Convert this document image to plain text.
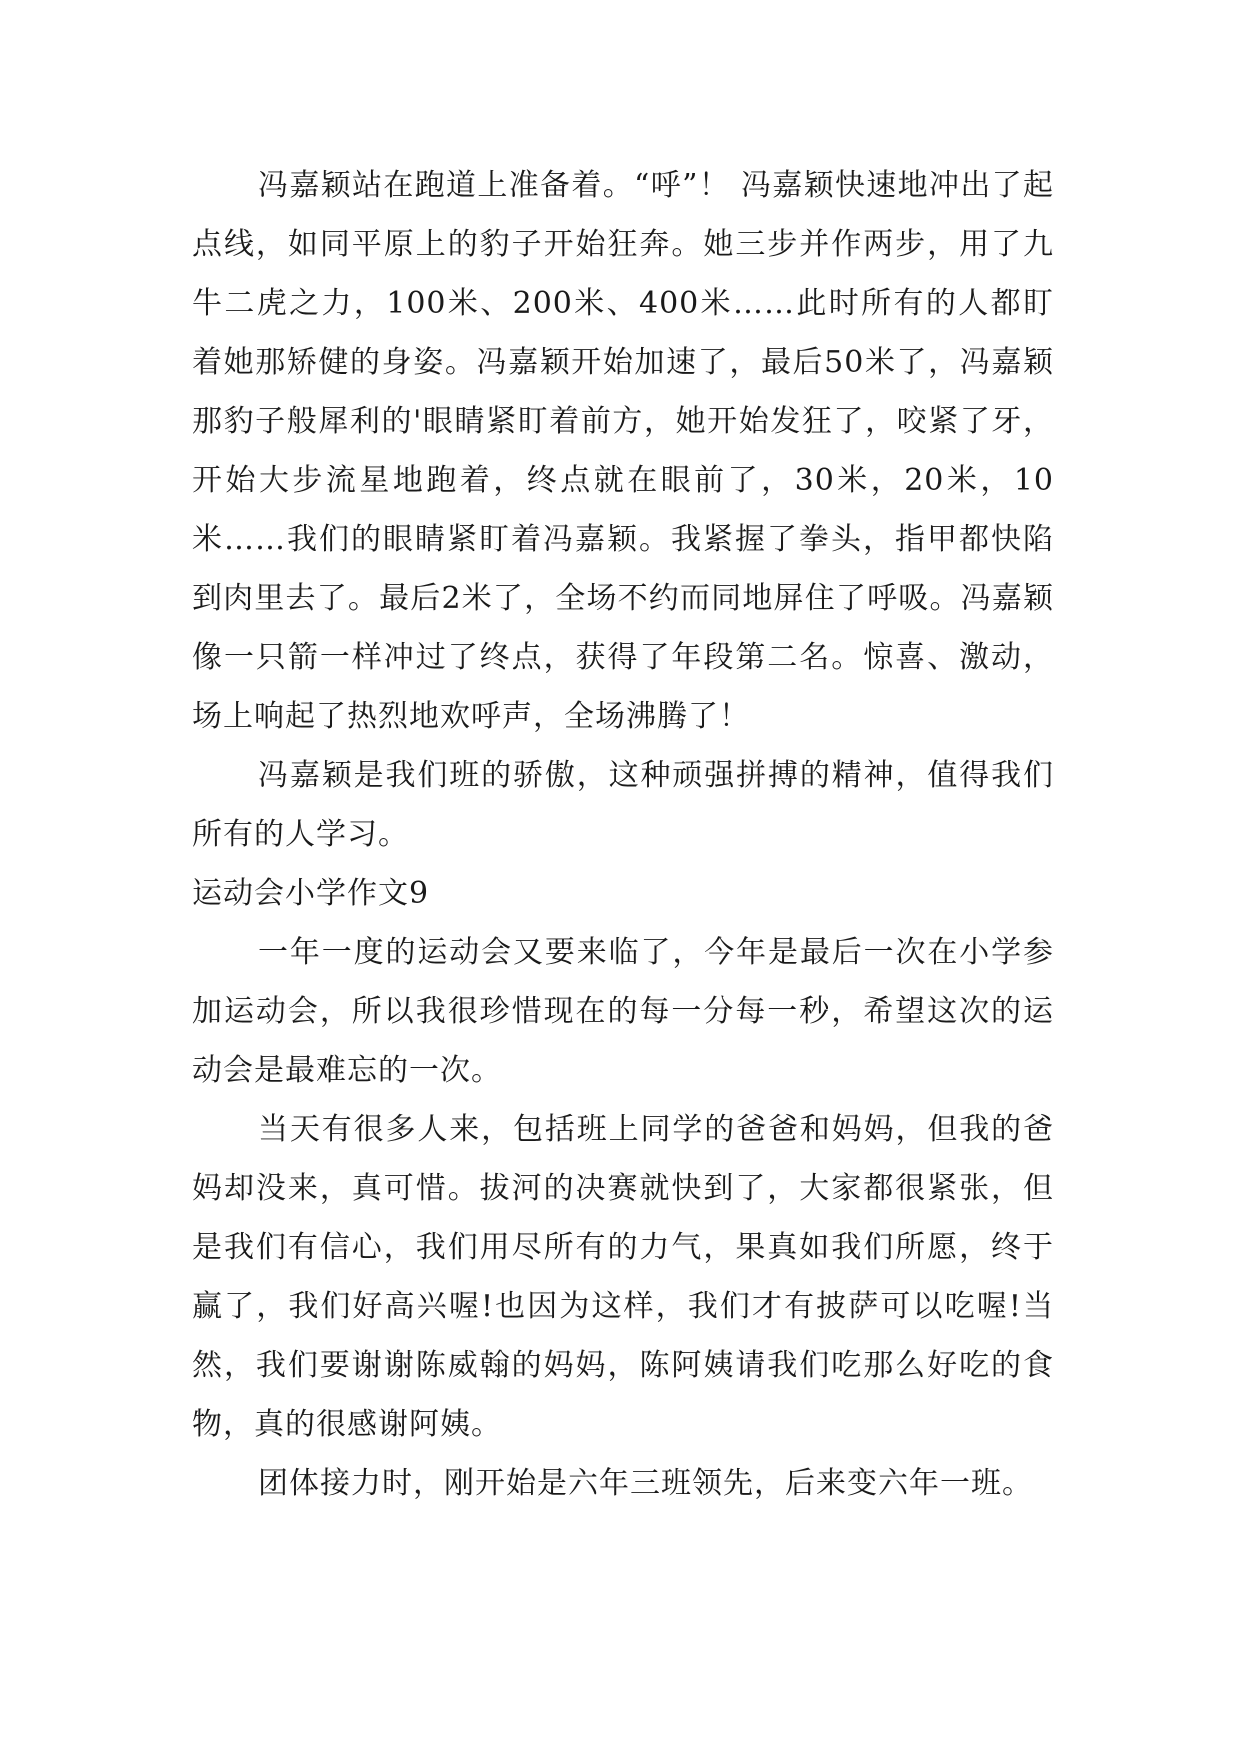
冯嘉颖站在跑道上准备着。“呼”！ 冯嘉颖快速地冲出了起点线，如同平原上的豹子开始狂奔。她三步并作两步，用了九牛二虎之力，100米、200米、400米……此时所有的人都盯着她那矫健的身姿。冯嘉颖开始加速了，最后50米了，冯嘉颖那豹子般犀利的'眼睛紧盯着前方，她开始发狂了，咬紧了牙，开始大步流星地跑着，终点就在眼前了，30米，20米，10米……我们的眼睛紧盯着冯嘉颖。我紧握了拳头，指甲都快陷到肉里去了。最后2米了，全场不约而同地屏住了呼吸。冯嘉颖像一只箭一样冲过了终点，获得了年段第二名。惊喜、激动，场上响起了热烈地欢呼声，全场沸腾了！

冯嘉颖是我们班的骄傲，这种顽强拼搏的精神，值得我们所有的人学习。

运动会小学作文9

一年一度的运动会又要来临了，今年是最后一次在小学参加运动会，所以我很珍惜现在的每一分每一秒，希望这次的运动会是最难忘的一次。

当天有很多人来，包括班上同学的爸爸和妈妈，但我的爸妈却没来，真可惜。拔河的决赛就快到了，大家都很紧张，但是我们有信心，我们用尽所有的力气，果真如我们所愿，终于赢了，我们好高兴喔!也因为这样，我们才有披萨可以吃喔!当然，我们要谢谢陈威翰的妈妈，陈阿姨请我们吃那么好吃的食物，真的很感谢阿姨。

团体接力时，刚开始是六年三班领先，后来变六年一班。
